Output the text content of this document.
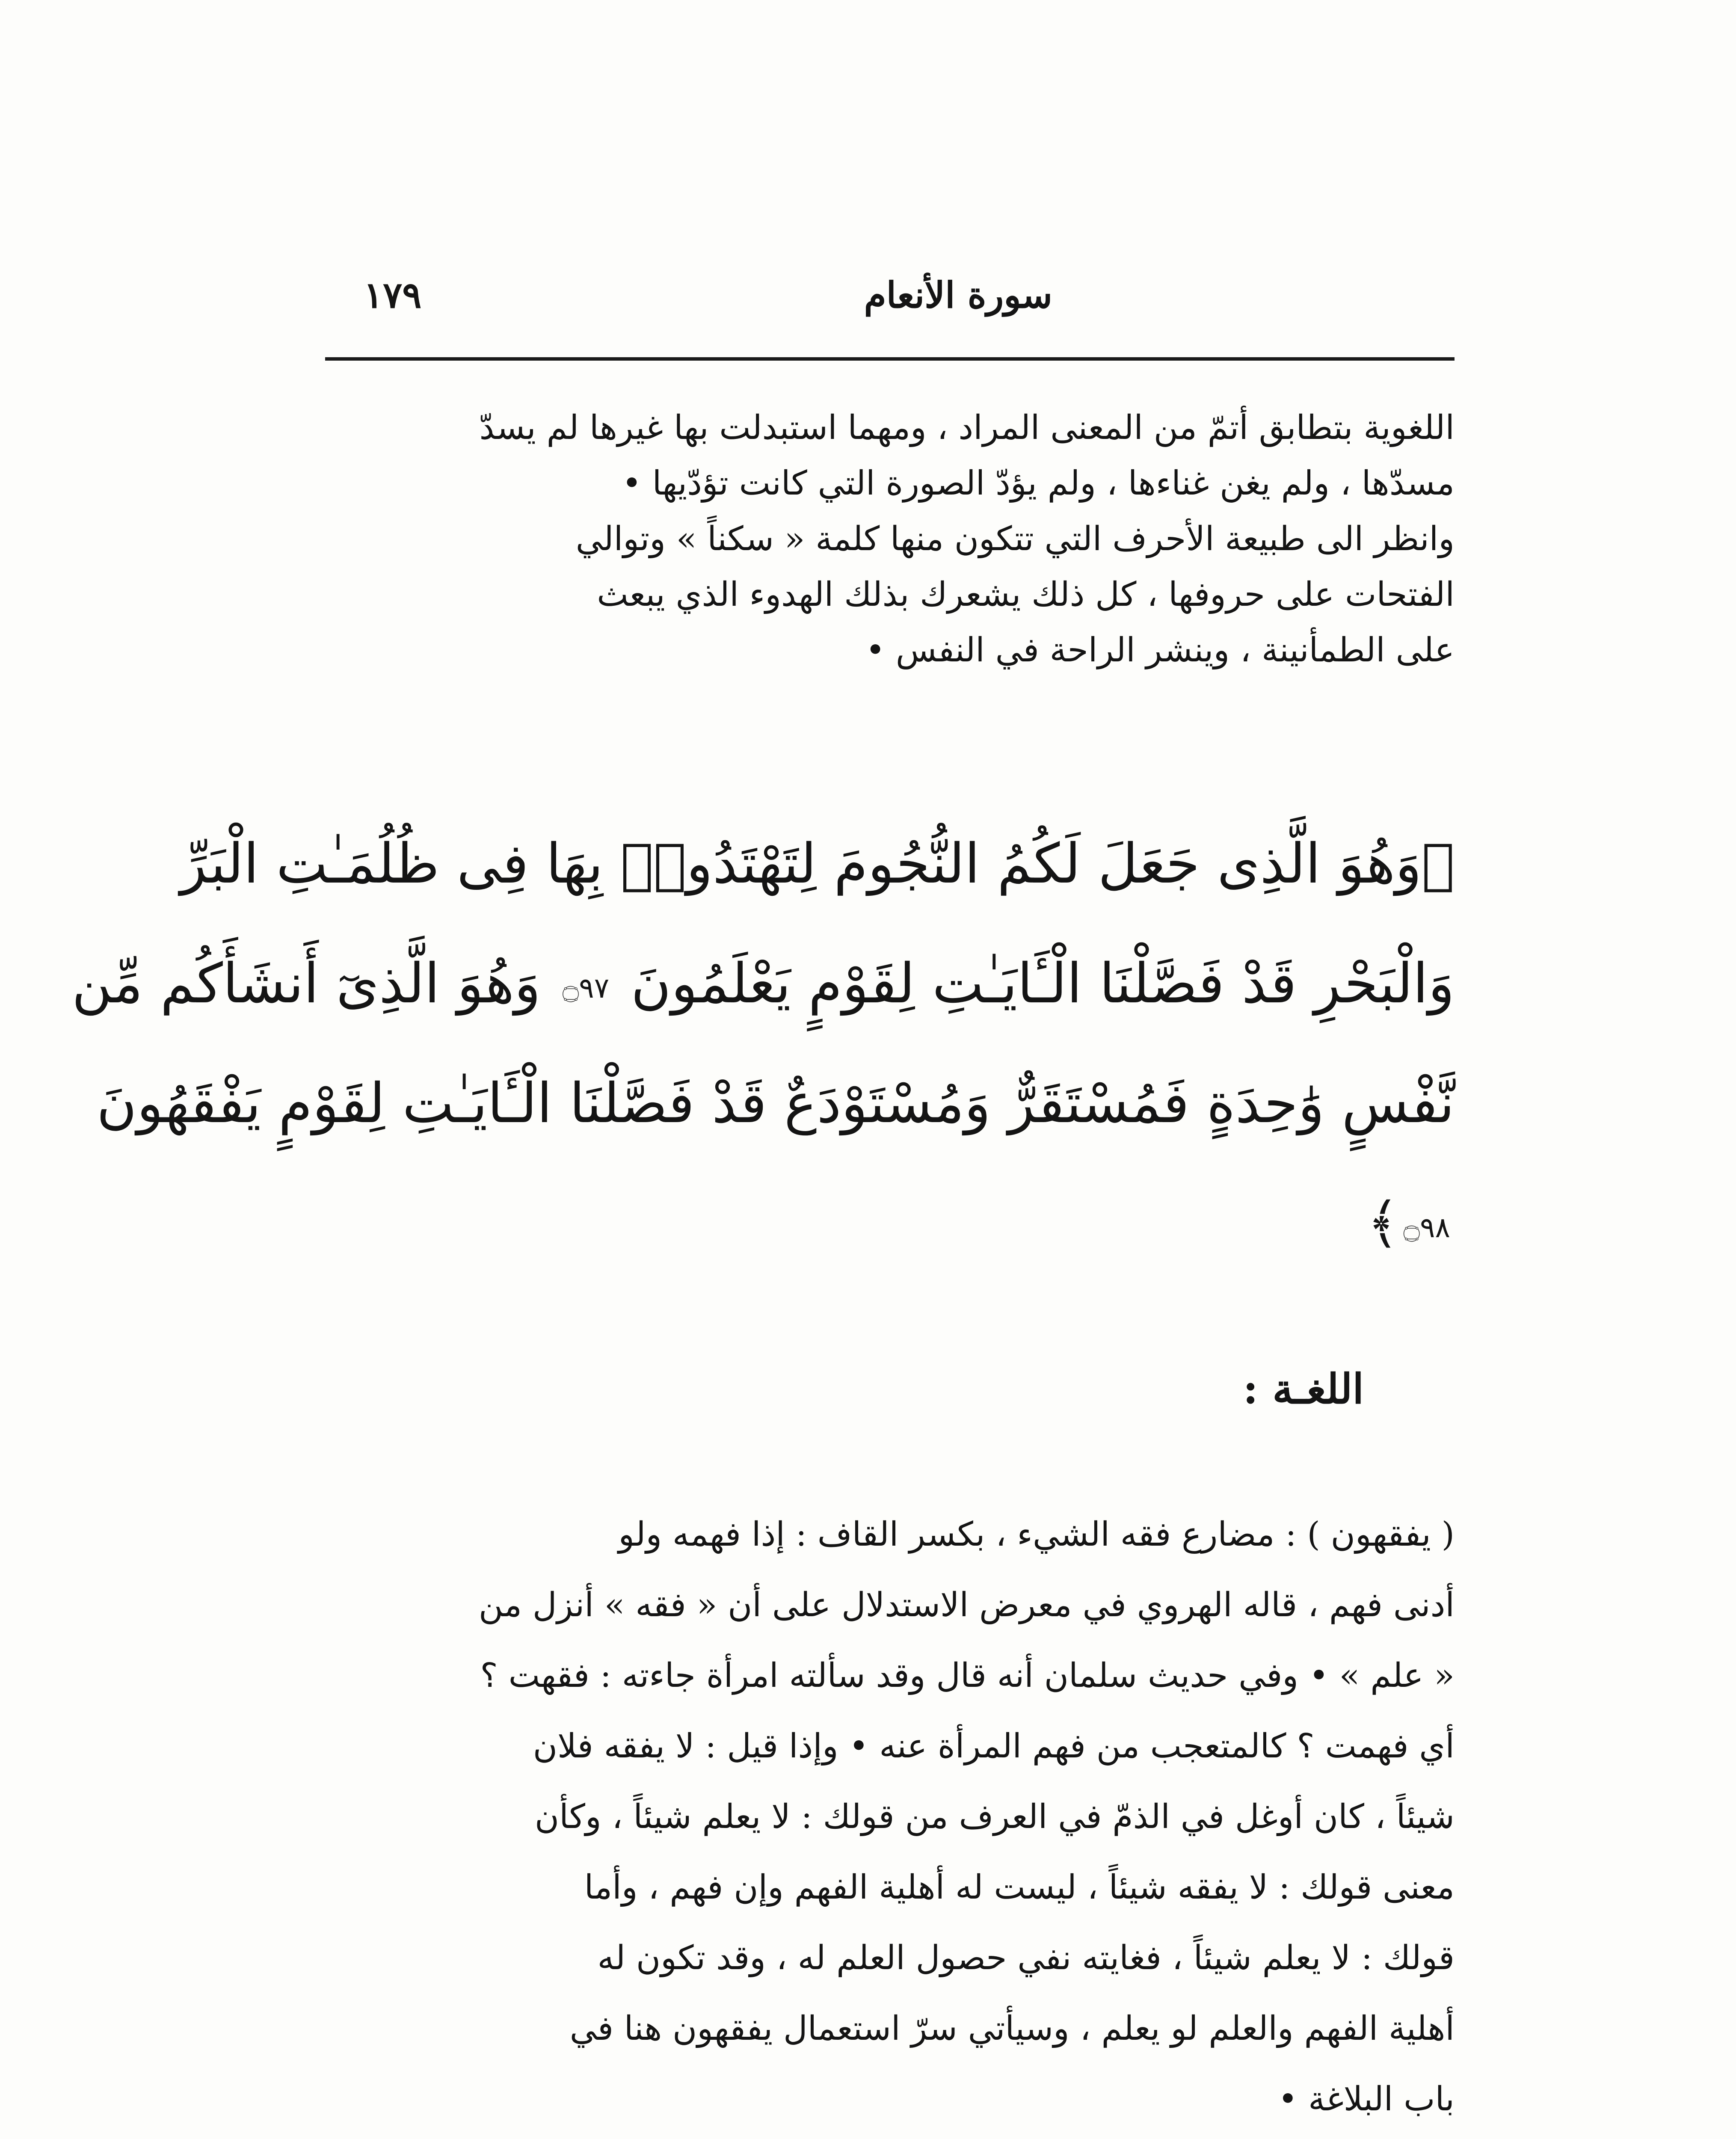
سورة الأنعام
١٧٩
اللغوية بتطابق أتمّ من المعنى المراد ، ومهما استبدلت بها غيرها لم يسدّ
مسدّها ، ولم يغن غناءها ، ولم يؤدّ الصورة التي كانت تؤدّيها •
وانظر الى طبيعة الأحرف التي تتكون منها كلمة « سكناً » وتوالي
الفتحات على حروفها ، كل ذلك يشعرك بذلك الهدوء الذي يبعث
على الطمأنينة ، وينشر الراحة في النفس •
﴿وَهُوَ الَّذِى جَعَلَ لَكُمُ النُّجُومَ لِتَهْتَدُوا۟ بِهَا فِى ظُلُمَـٰتِ الْبَرِّ
وَالْبَحْرِ قَدْ فَصَّلْنَا الْـَٔايَـٰتِ لِقَوْمٍ يَعْلَمُونَ ۝٩٧ وَهُوَ الَّذِىٓ أَنشَأَكُم مِّن
نَّفْسٍ وَٰحِدَةٍ فَمُسْتَقَرٌّ وَمُسْتَوْدَعٌ قَدْ فَصَّلْنَا الْـَٔايَـٰتِ لِقَوْمٍ يَفْقَهُونَ
۝٩٨﴾
اللغـة :
( يفقهون ) : مضارع فقه الشيء ، بكسر القاف : إذا فهمه ولو
أدنى فهم ، قاله الهروي في معرض الاستدلال على أن « فقه » أنزل من
« علم » • وفي حديث سلمان أنه قال وقد سألته امرأة جاءته : فقهت ؟
أي فهمت ؟ كالمتعجب من فهم المرأة عنه • وإذا قيل : لا يفقه فلان
شيئاً ، كان أوغل في الذمّ في العرف من قولك : لا يعلم شيئاً ، وكأن
معنى قولك : لا يفقه شيئاً ، ليست له أهلية الفهم وإن فهم ، وأما
قولك : لا يعلم شيئاً ، فغايته نفي حصول العلم له ، وقد تكون له
أهلية الفهم والعلم لو يعلم ، وسيأتي سرّ استعمال يفقهون هنا في
باب البلاغة •
